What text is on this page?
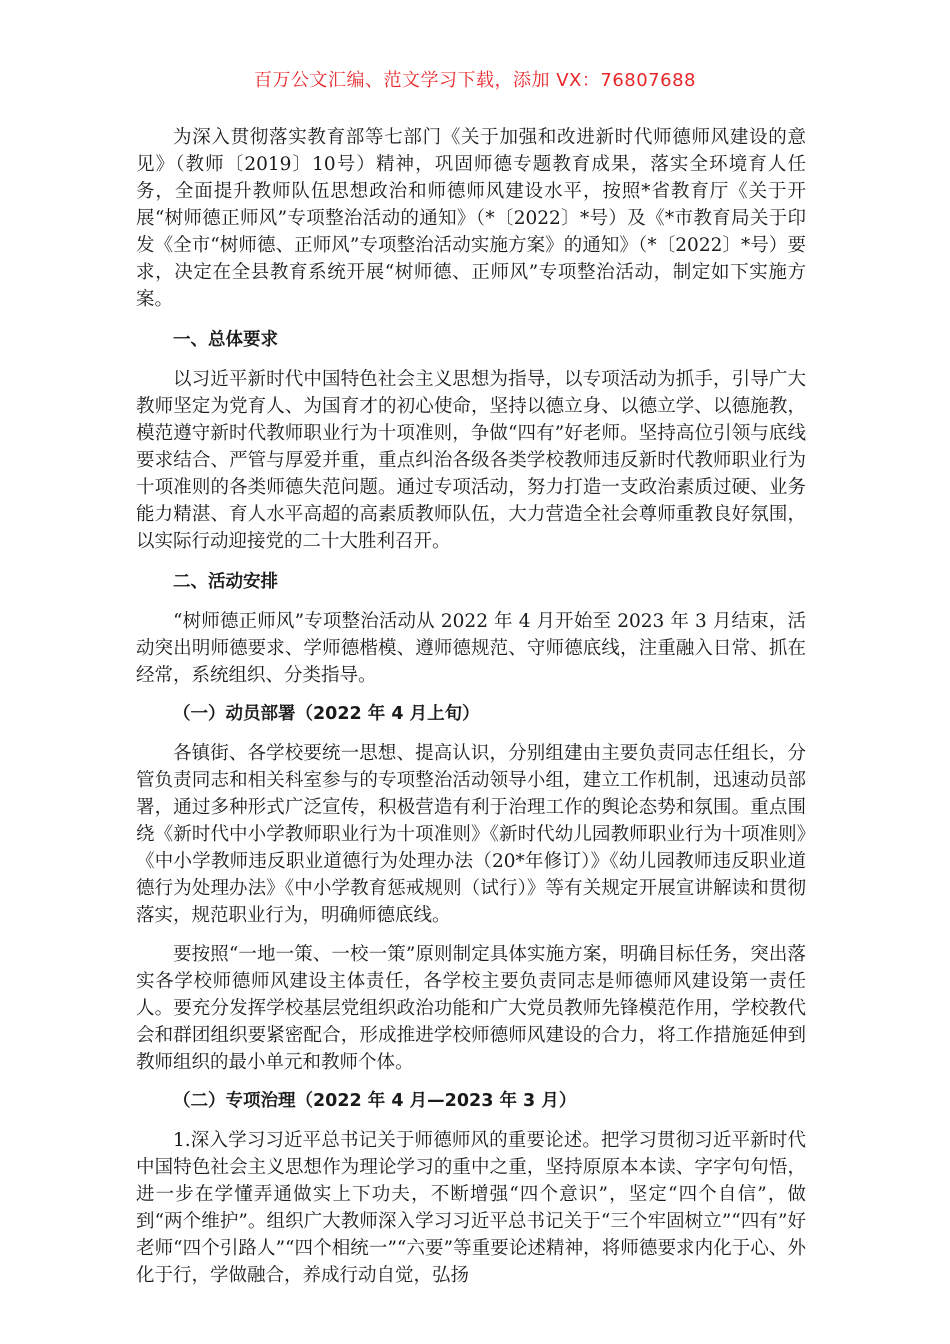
百万公文汇编、范文学习下载，添加 VX：76807688

为深入贯彻落实教育部等七部门《关于加强和改进新时代师德师风建设的意见》（教师〔2019〕10号）精神，巩固师德专题教育成果，落实全环境育人任务，全面提升教师队伍思想政治和师德师风建设水平，按照*省教育厅《关于开展“树师德正师风”专项整治活动的通知》（*〔2022〕*号）及《*市教育局关于印发《全市“树师德、正师风”专项整治活动实施方案》的通知》（*〔2022〕*号）要求，决定在全县教育系统开展“树师德、正师风”专项整治活动，制定如下实施方案。

一、总体要求

以习近平新时代中国特色社会主义思想为指导，以专项活动为抓手，引导广大教师坚定为党育人、为国育才的初心使命，坚持以德立身、以德立学、以德施教，模范遵守新时代教师职业行为十项准则，争做“四有”好老师。坚持高位引领与底线要求结合、严管与厚爱并重，重点纠治各级各类学校教师违反新时代教师职业行为十项准则的各类师德失范问题。通过专项活动，努力打造一支政治素质过硬、业务能力精湛、育人水平高超的高素质教师队伍，大力营造全社会尊师重教良好氛围，以实际行动迎接党的二十大胜利召开。

二、活动安排

“树师德正师风”专项整治活动从 2022 年 4 月开始至 2023 年 3 月结束，活动突出明师德要求、学师德楷模、遵师德规范、守师德底线，注重融入日常、抓在经常，系统组织、分类指导。

（一）动员部署（2022 年 4 月上旬）

各镇街、各学校要统一思想、提高认识，分别组建由主要负责同志任组长，分管负责同志和相关科室参与的专项整治活动领导小组，建立工作机制，迅速动员部署，通过多种形式广泛宣传，积极营造有利于治理工作的舆论态势和氛围。重点围绕《新时代中小学教师职业行为十项准则》《新时代幼儿园教师职业行为十项准则》《中小学教师违反职业道德行为处理办法（20*年修订）》《幼儿园教师违反职业道德行为处理办法》《中小学教育惩戒规则（试行）》等有关规定开展宣讲解读和贯彻落实，规范职业行为，明确师德底线。

要按照“一地一策、一校一策”原则制定具体实施方案，明确目标任务，突出落实各学校师德师风建设主体责任，各学校主要负责同志是师德师风建设第一责任人。要充分发挥学校基层党组织政治功能和广大党员教师先锋模范作用，学校教代会和群团组织要紧密配合，形成推进学校师德师风建设的合力，将工作措施延伸到教师组织的最小单元和教师个体。

（二）专项治理（2022 年 4 月—2023 年 3 月）

1.深入学习习近平总书记关于师德师风的重要论述。把学习贯彻习近平新时代中国特色社会主义思想作为理论学习的重中之重，坚持原原本本读、字字句句悟，进一步在学懂弄通做实上下功夫，不断增强“四个意识”，坚定“四个自信”，做到“两个维护”。组织广大教师深入学习习近平总书记关于“三个牢固树立”“四有”好老师“四个引路人”“四个相统一”“六要”等重要论述精神，将师德要求内化于心、外化于行，学做融合，养成行动自觉，弘扬
